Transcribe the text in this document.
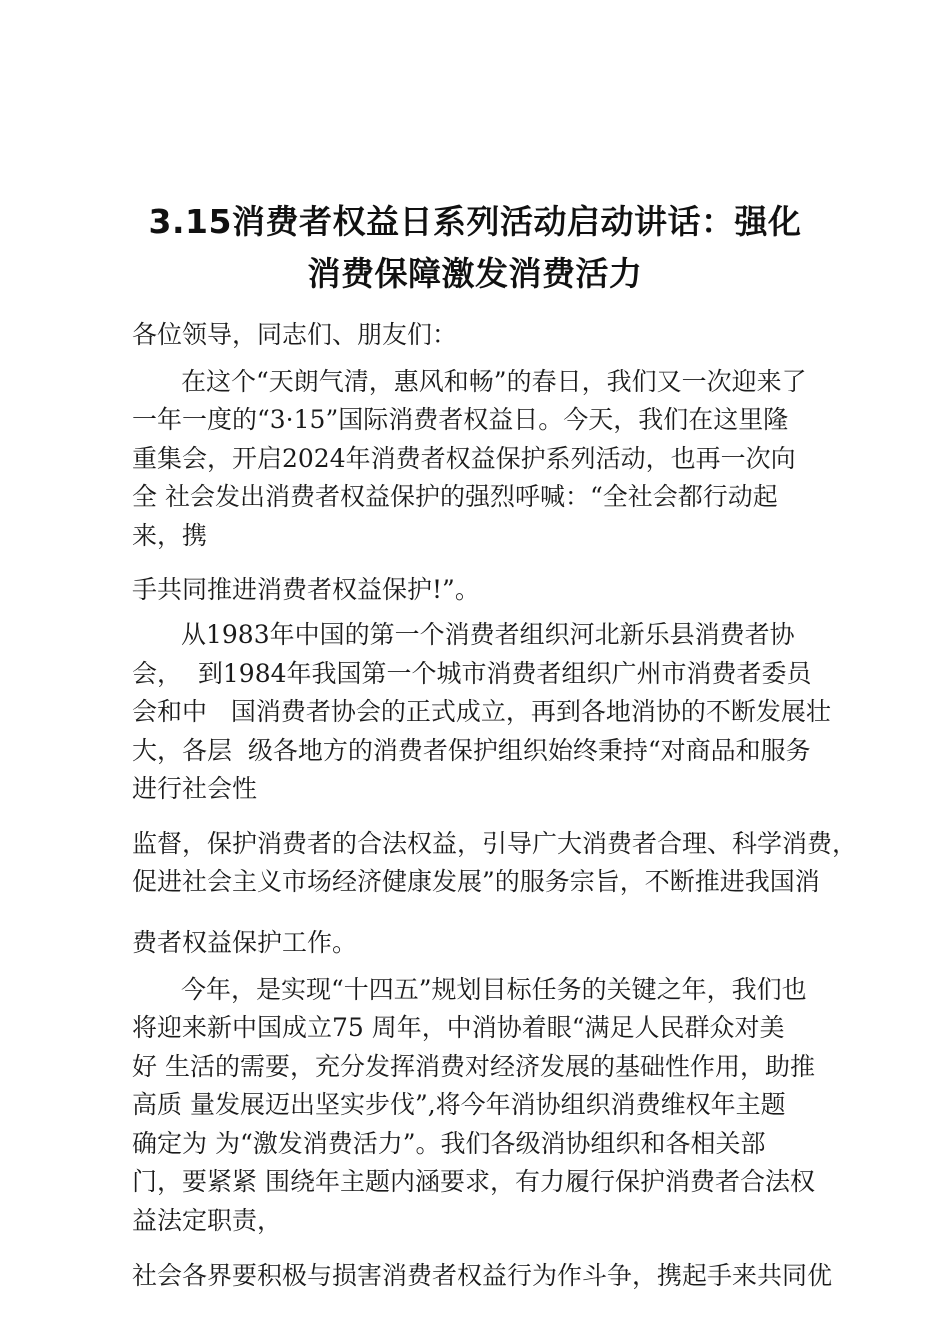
3.15消费者权益日系列活动启动讲话：强化
消费保障激发消费活力
各位领导，同志们、朋友们：
在这个“天朗气清，惠风和畅”的春日，我们又一次迎来了
一年一度的“3·15”国际消费者权益日。今天，我们在这里隆
重集会，开启2024年消费者权益保护系列活动，也再一次向
全 社会发出消费者权益保护的强烈呼喊：“全社会都行动起
来，携
手共同推进消费者权益保护!”。
从1983年中国的第一个消费者组织河北新乐县消费者协
会，  到1984年我国第一个城市消费者组织广州市消费者委员
会和中   国消费者协会的正式成立，再到各地消协的不断发展壮
大，各层  级各地方的消费者保护组织始终秉持“对商品和服务
进行社会性
监督，保护消费者的合法权益，引导广大消费者合理、科学消费，
促进社会主义市场经济健康发展”的服务宗旨，不断推进我国消
费者权益保护工作。
今年，是实现“十四五”规划目标任务的关键之年，我们也
将迎来新中国成立75 周年，中消协着眼“满足人民群众对美
好 生活的需要，充分发挥消费对经济发展的基础性作用，助推
高质 量发展迈出坚实步伐”,将今年消协组织消费维权年主题
确定为 为“激发消费活力”。我们各级消协组织和各相关部
门，要紧紧 围绕年主题内涵要求，有力履行保护消费者合法权
益法定职责，
社会各界要积极与损害消费者权益行为作斗争，携起手来共同优
